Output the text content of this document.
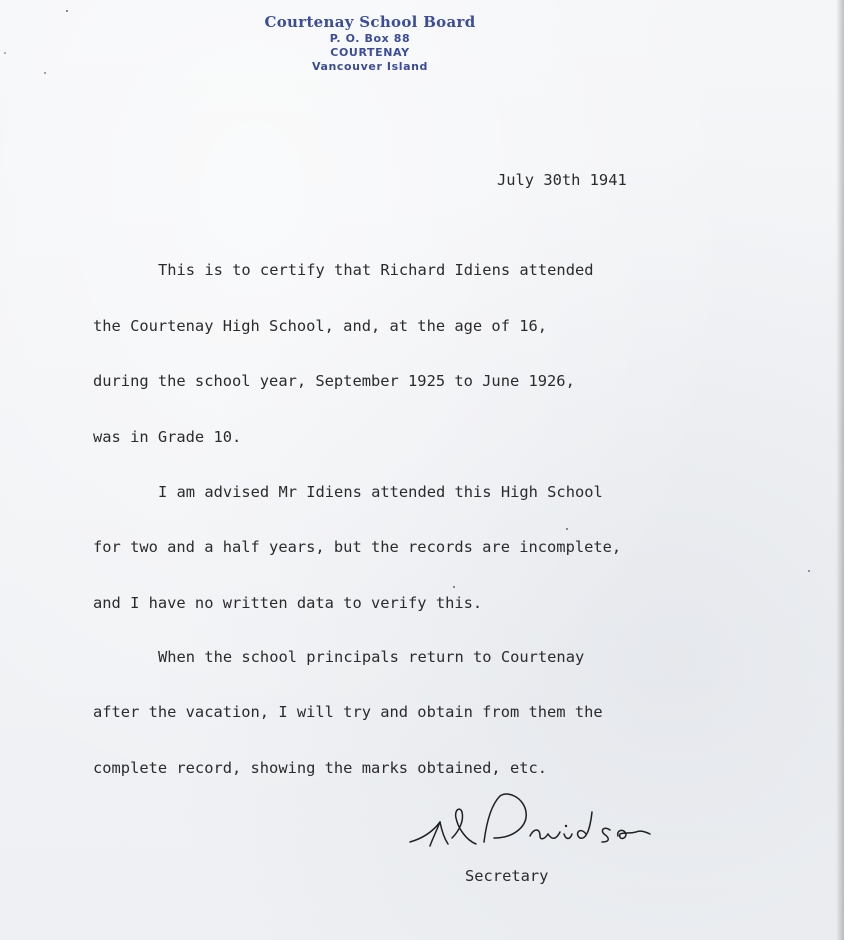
Courtenay School Board
P. O. Box 88
COURTENAY
Vancouver Island
July 30th 1941
This is to certify that Richard Idiens attended
the Courtenay High School, and, at the age of 16,
during the school year, September 1925 to June 1926,
was in Grade 10.
I am advised Mr Idiens attended this High School
for two and a half years, but the records are incomplete,
and I have no written data to verify this.
When the school principals return to Courtenay
after the vacation, I will try and obtain from them the
complete record, showing the marks obtained, etc.
Secretary
